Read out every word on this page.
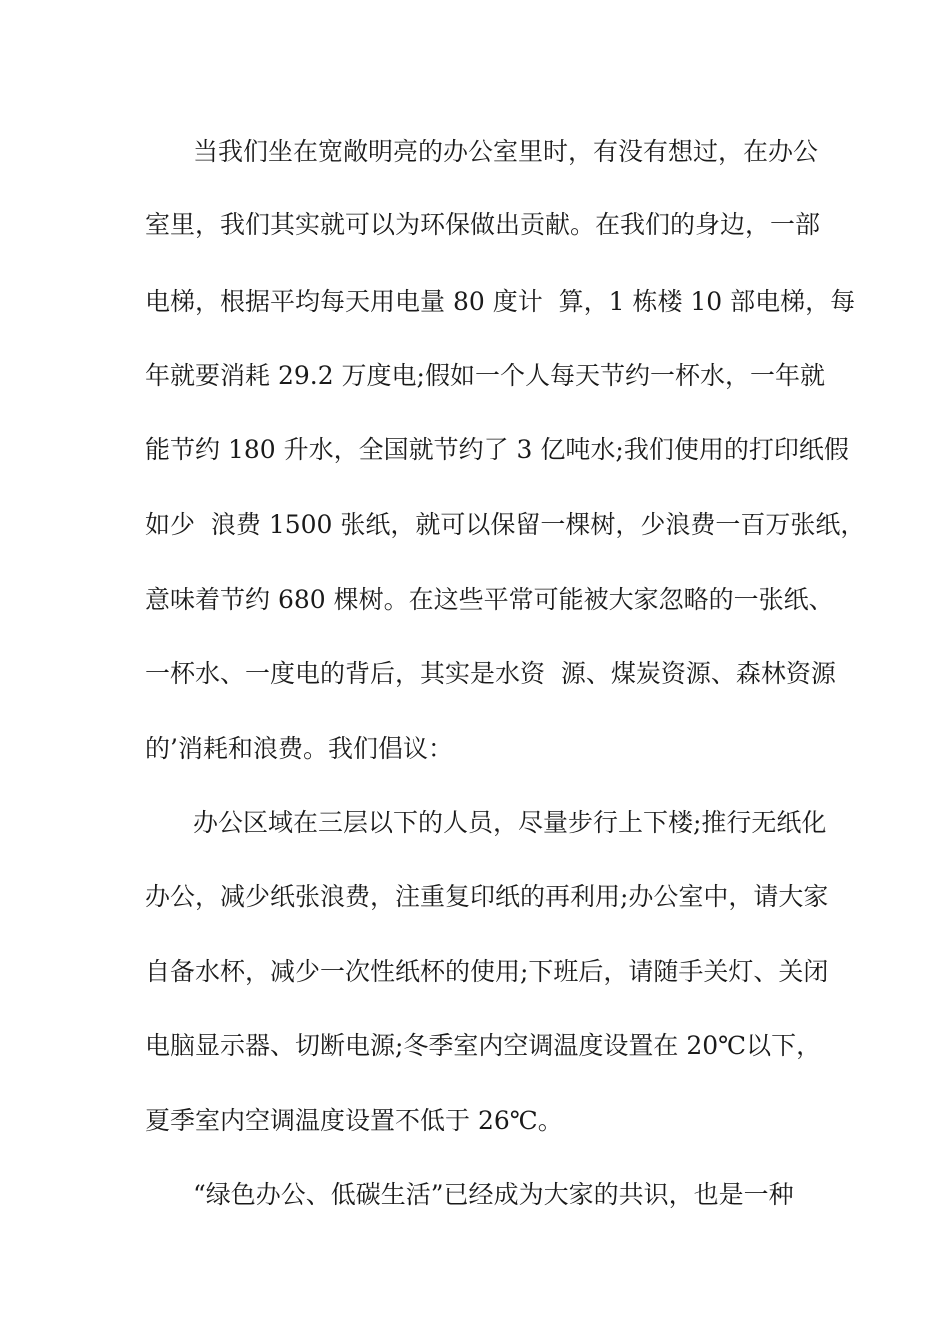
当我们坐在宽敞明亮的办公室里时，有没有想过，在办公
室里，我们其实就可以为环保做出贡献。在我们的身边，一部
电梯，根据平均每天用电量 80 度计  算，1 栋楼 10 部电梯，每
年就要消耗 29.2 万度电;假如一个人每天节约一杯水，一年就
能节约 180 升水，全国就节约了 3 亿吨水;我们使用的打印纸假
如少  浪费 1500 张纸，就可以保留一棵树，少浪费一百万张纸，
意味着节约 680 棵树。在这些平常可能被大家忽略的一张纸、
一杯水、一度电的背后，其实是水资  源、煤炭资源、森林资源
的’消耗和浪费。我们倡议：
办公区域在三层以下的人员，尽量步行上下楼;推行无纸化
办公，减少纸张浪费，注重复印纸的再利用;办公室中，请大家
自备水杯，减少一次性纸杯的使用;下班后，请随手关灯、关闭
电脑显示器、切断电源;冬季室内空调温度设置在 20℃以下，
夏季室内空调温度设置不低于 26℃。
“绿色办公、低碳生活”已经成为大家的共识，也是一种
